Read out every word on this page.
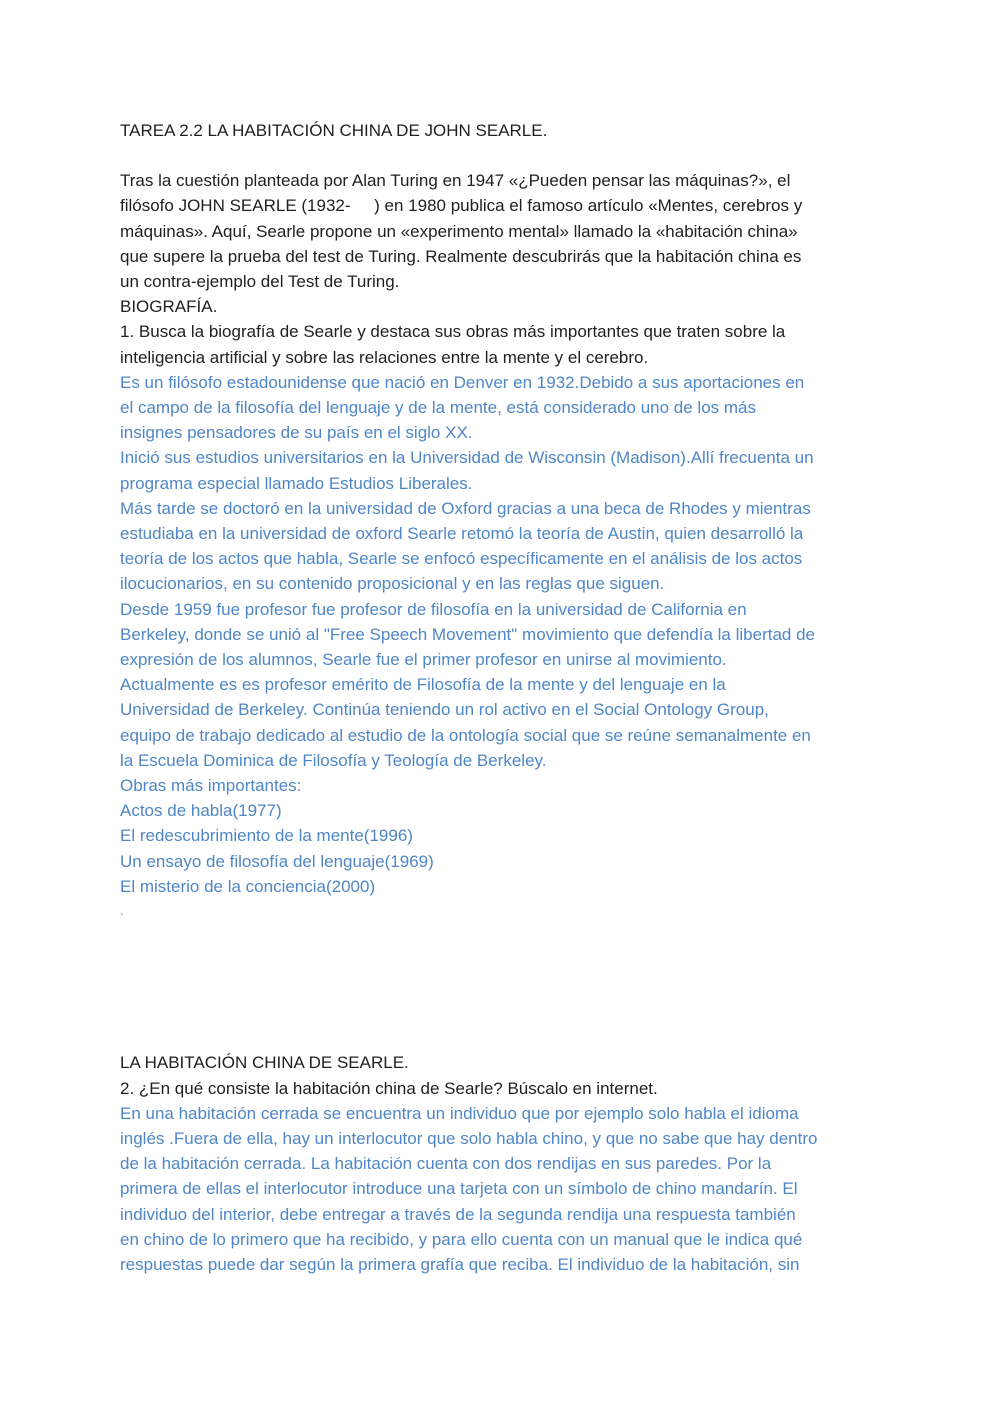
TAREA 2.2 LA HABITACIÓN CHINA DE JOHN SEARLE.

Tras la cuestión planteada por Alan Turing en 1947 «¿Pueden pensar las máquinas?», el

filósofo JOHN SEARLE (1932-     ) en 1980 publica el famoso artículo «Mentes, cerebros y

máquinas». Aquí, Searle propone un «experimento mental» llamado la «habitación china»

que supere la prueba del test de Turing. Realmente descubrirás que la habitación china es

un contra-ejemplo del Test de Turing.

BIOGRAFÍA.

1. Busca la biografía de Searle y destaca sus obras más importantes que traten sobre la

inteligencia artificial y sobre las relaciones entre la mente y el cerebro.

Es un filósofo estadounidense que nació en Denver en 1932.Debido a sus aportaciones en

el campo de la filosofía del lenguaje y de la mente, está considerado uno de los más

insignes pensadores de su país en el siglo XX.

Inició sus estudios universitarios en la Universidad de Wisconsin (Madison).Allí frecuenta un

programa especial llamado Estudios Liberales.

Más tarde se doctoró en la universidad de Oxford gracias a una beca de Rhodes y mientras

estudiaba en la universidad de oxford Searle retomó la teoría de Austin, quien desarrolló la

teoría de los actos que habla, Searle se enfocó específicamente en el análisis de los actos

ilocucionarios, en su contenido proposicional y en las reglas que siguen.

Desde 1959 fue profesor fue profesor de filosofía en la universidad de California en

Berkeley, donde se unió al "Free Speech Movement" movimiento que defendía la libertad de

expresión de los alumnos, Searle fue el primer profesor en unirse al movimiento.

Actualmente es es profesor emérito de Filosofía de la mente y del lenguaje en la

Universidad de Berkeley. Continúa teniendo un rol activo en el Social Ontology Group,

equipo de trabajo dedicado al estudio de la ontología social que se reúne semanalmente en

la Escuela Dominica de Filosofía y Teología de Berkeley.

Obras más importantes:

Actos de habla(1977)

El redescubrimiento de la mente(1996)

Un ensayo de filosofía del lenguaje(1969)

El misterio de la conciencia(2000)

.

LA HABITACIÓN CHINA DE SEARLE.

2. ¿En qué consiste la habitación china de Searle? Búscalo en internet.

En una habitación cerrada se encuentra un individuo que por ejemplo solo habla el idioma

inglés .Fuera de ella, hay un interlocutor que solo habla chino, y que no sabe que hay dentro

de la habitación cerrada. La habitación cuenta con dos rendijas en sus paredes. Por la

primera de ellas el interlocutor introduce una tarjeta con un símbolo de chino mandarín. El

individuo del interior, debe entregar a través de la segunda rendija una respuesta también

en chino de lo primero que ha recibido, y para ello cuenta con un manual que le indica qué

respuestas puede dar según la primera grafía que reciba. El individuo de la habitación, sin
